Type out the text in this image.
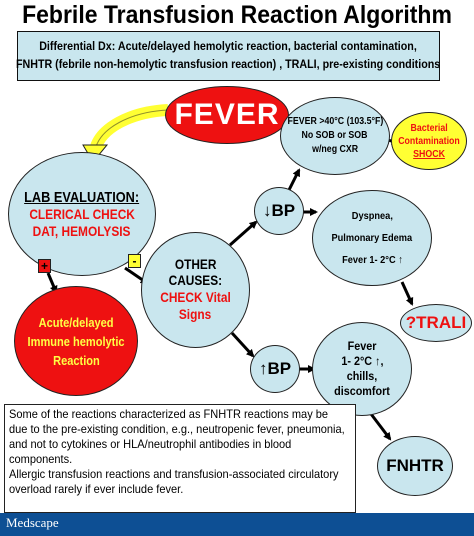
Febrile Transfusion Reaction Algorithm
Differential Dx: Acute/delayed hemolytic reaction, bacterial contamination,
FNHTR (febrile non-hemolytic transfusion reaction) , TRALI, pre-existing conditions
FEVER
LAB EVALUATION:
CLERICAL CHECK
DAT, HEMOLYSIS
+	-
Acute/delayed
Immune hemolytic
Reaction
OTHER
CAUSES:
CHECK Vital
Signs
↓BP
↑BP
FEVER >40°C (103.5°F)
No SOB or SOB
w/neg CXR
Bacterial
Contamination
SHOCK
Dyspnea,
Pulmonary Edema
Fever 1- 2°C ↑
?TRALI
Fever
1- 2°C ↑,
chills,
discomfort
FNHTR

Some of the reactions characterized as FNHTR reactions may be due to the pre-existing condition, e.g., neutropenic fever, pneumonia, and not to cytokines or HLA/neutrophil antibodies in blood components.

Allergic transfusion reactions and transfusion-associated circulatory overload rarely if ever include fever.

Medscape
